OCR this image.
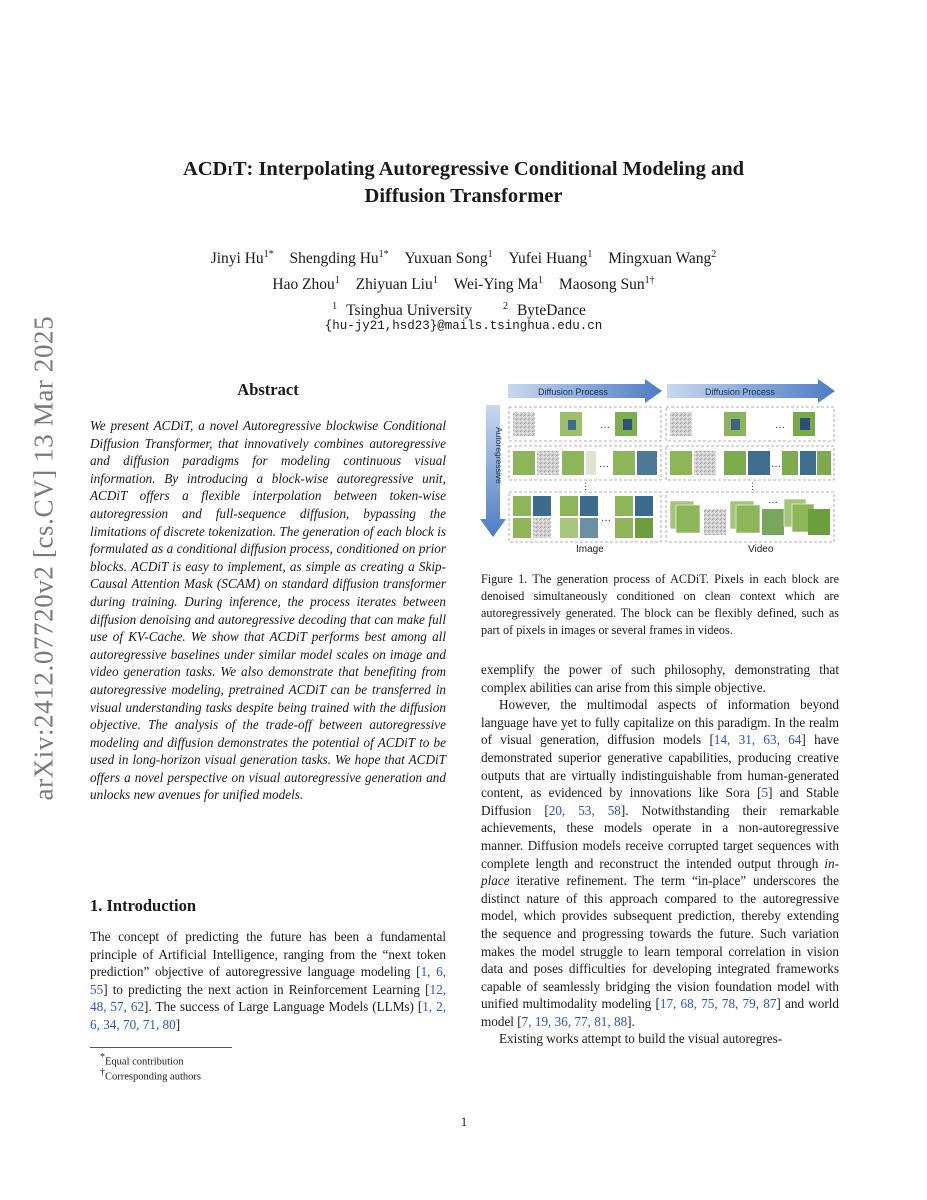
arXiv:2412.07720v2 [cs.CV] 13 Mar 2025
ACDiT: Interpolating Autoregressive Conditional Modeling and
Diffusion Transformer
Jinyi $Hu^{1*}$ Shengding $Hu^{1*}$ Yuxuan Song$^1$ Yufei Huang$^1$ Mingxuan Wang$^2$
Hao Zhou$^1$ Zhiyuan Liu$^1$ Wei-Ying Ma$^1$ Maosong Sun$^{1\dagger}$
$^1$ Tsinghua University	$^2$ ByteDance
{hu-jy21,hsd23}@mails.tsinghua.edu.cn
Abstract
We present ACDiT, a novel Autoregressive blockwise Conditional Diffusion Transformer, that innovatively combines autoregressive and diffusion paradigms for modeling continuous visual information. By introducing a block-wise autoregressive unit, ACDiT offers a flexible interpolation between token-wise autoregression and full-sequence diffusion, bypassing the limitations of discrete tokenization. The generation of each block is formulated as a conditional diffusion process, conditioned on prior blocks. ACDiT is easy to implement, as simple as creating a Skip-Causal Attention Mask (SCAM) on standard diffusion transformer during training. During inference, the process iterates between diffusion denoising and autoregressive decoding that can make full use of KV-Cache. We show that ACDiT performs best among all autoregressive baselines under similar model scales on image and video generation tasks. We also demonstrate that benefiting from autoregressive modeling, pretrained ACDiT can be transferred in visual understanding tasks despite being trained with the diffusion objective. The analysis of the trade-off between autoregressive modeling and diffusion demonstrates the potential of ACDiT to be used in long-horizon visual generation tasks. We hope that ACDiT offers a novel perspective on visual autoregressive generation and unlocks new avenues for unified models.
1. Introduction
The concept of predicting the future has been a fundamental principle of Artificial Intelligence, ranging from the “next token prediction” objective of autoregressive language modeling [1, 6, 55] to predicting the next action in Reinforcement Learning [12, 48, 57, 62]. The success of Large Language Models (LLMs) [1, 2, 6, 34, 70, 71, 80]
*Equal contribution
†Corresponding authors
1
Diffusion Process	Diffusion Process
Autoregressive
…	…
…	…
⋮	⋮
…
…
Image	Video
Figure 1. The generation process of ACDiT. Pixels in each block are denoised simultaneously conditioned on clean context which are autoregressively generated. The block can be flexibly defined, such as part of pixels in images or several frames in videos.

exemplify the power of such philosophy, demonstrating that complex abilities can arise from this simple objective.

However, the multimodal aspects of information beyond language have yet to fully capitalize on this paradigm. In the realm of visual generation, diffusion models [14, 31, 63, 64] have demonstrated superior generative capabilities, producing creative outputs that are virtually indistinguishable from human-generated content, as evidenced by innovations like Sora [5] and Stable Diffusion [20, 53, 58]. Notwithstanding their remarkable achievements, these models operate in a non-autoregressive manner. Diffusion models receive corrupted target sequences with complete length and reconstruct the intended output through in-place iterative refinement. The term “in-place” underscores the distinct nature of this approach compared to the autoregressive model, which provides subsequent prediction, thereby extending the sequence and progressing towards the future. Such variation makes the model struggle to learn temporal correlation in vision data and poses difficulties for developing integrated frameworks capable of seamlessly bridging the vision foundation model with unified multimodality modeling [17, 68, 75, 78, 79, 87] and world model [7, 19, 36, 77, 81, 88].

Existing works attempt to build the visual autoregres-
